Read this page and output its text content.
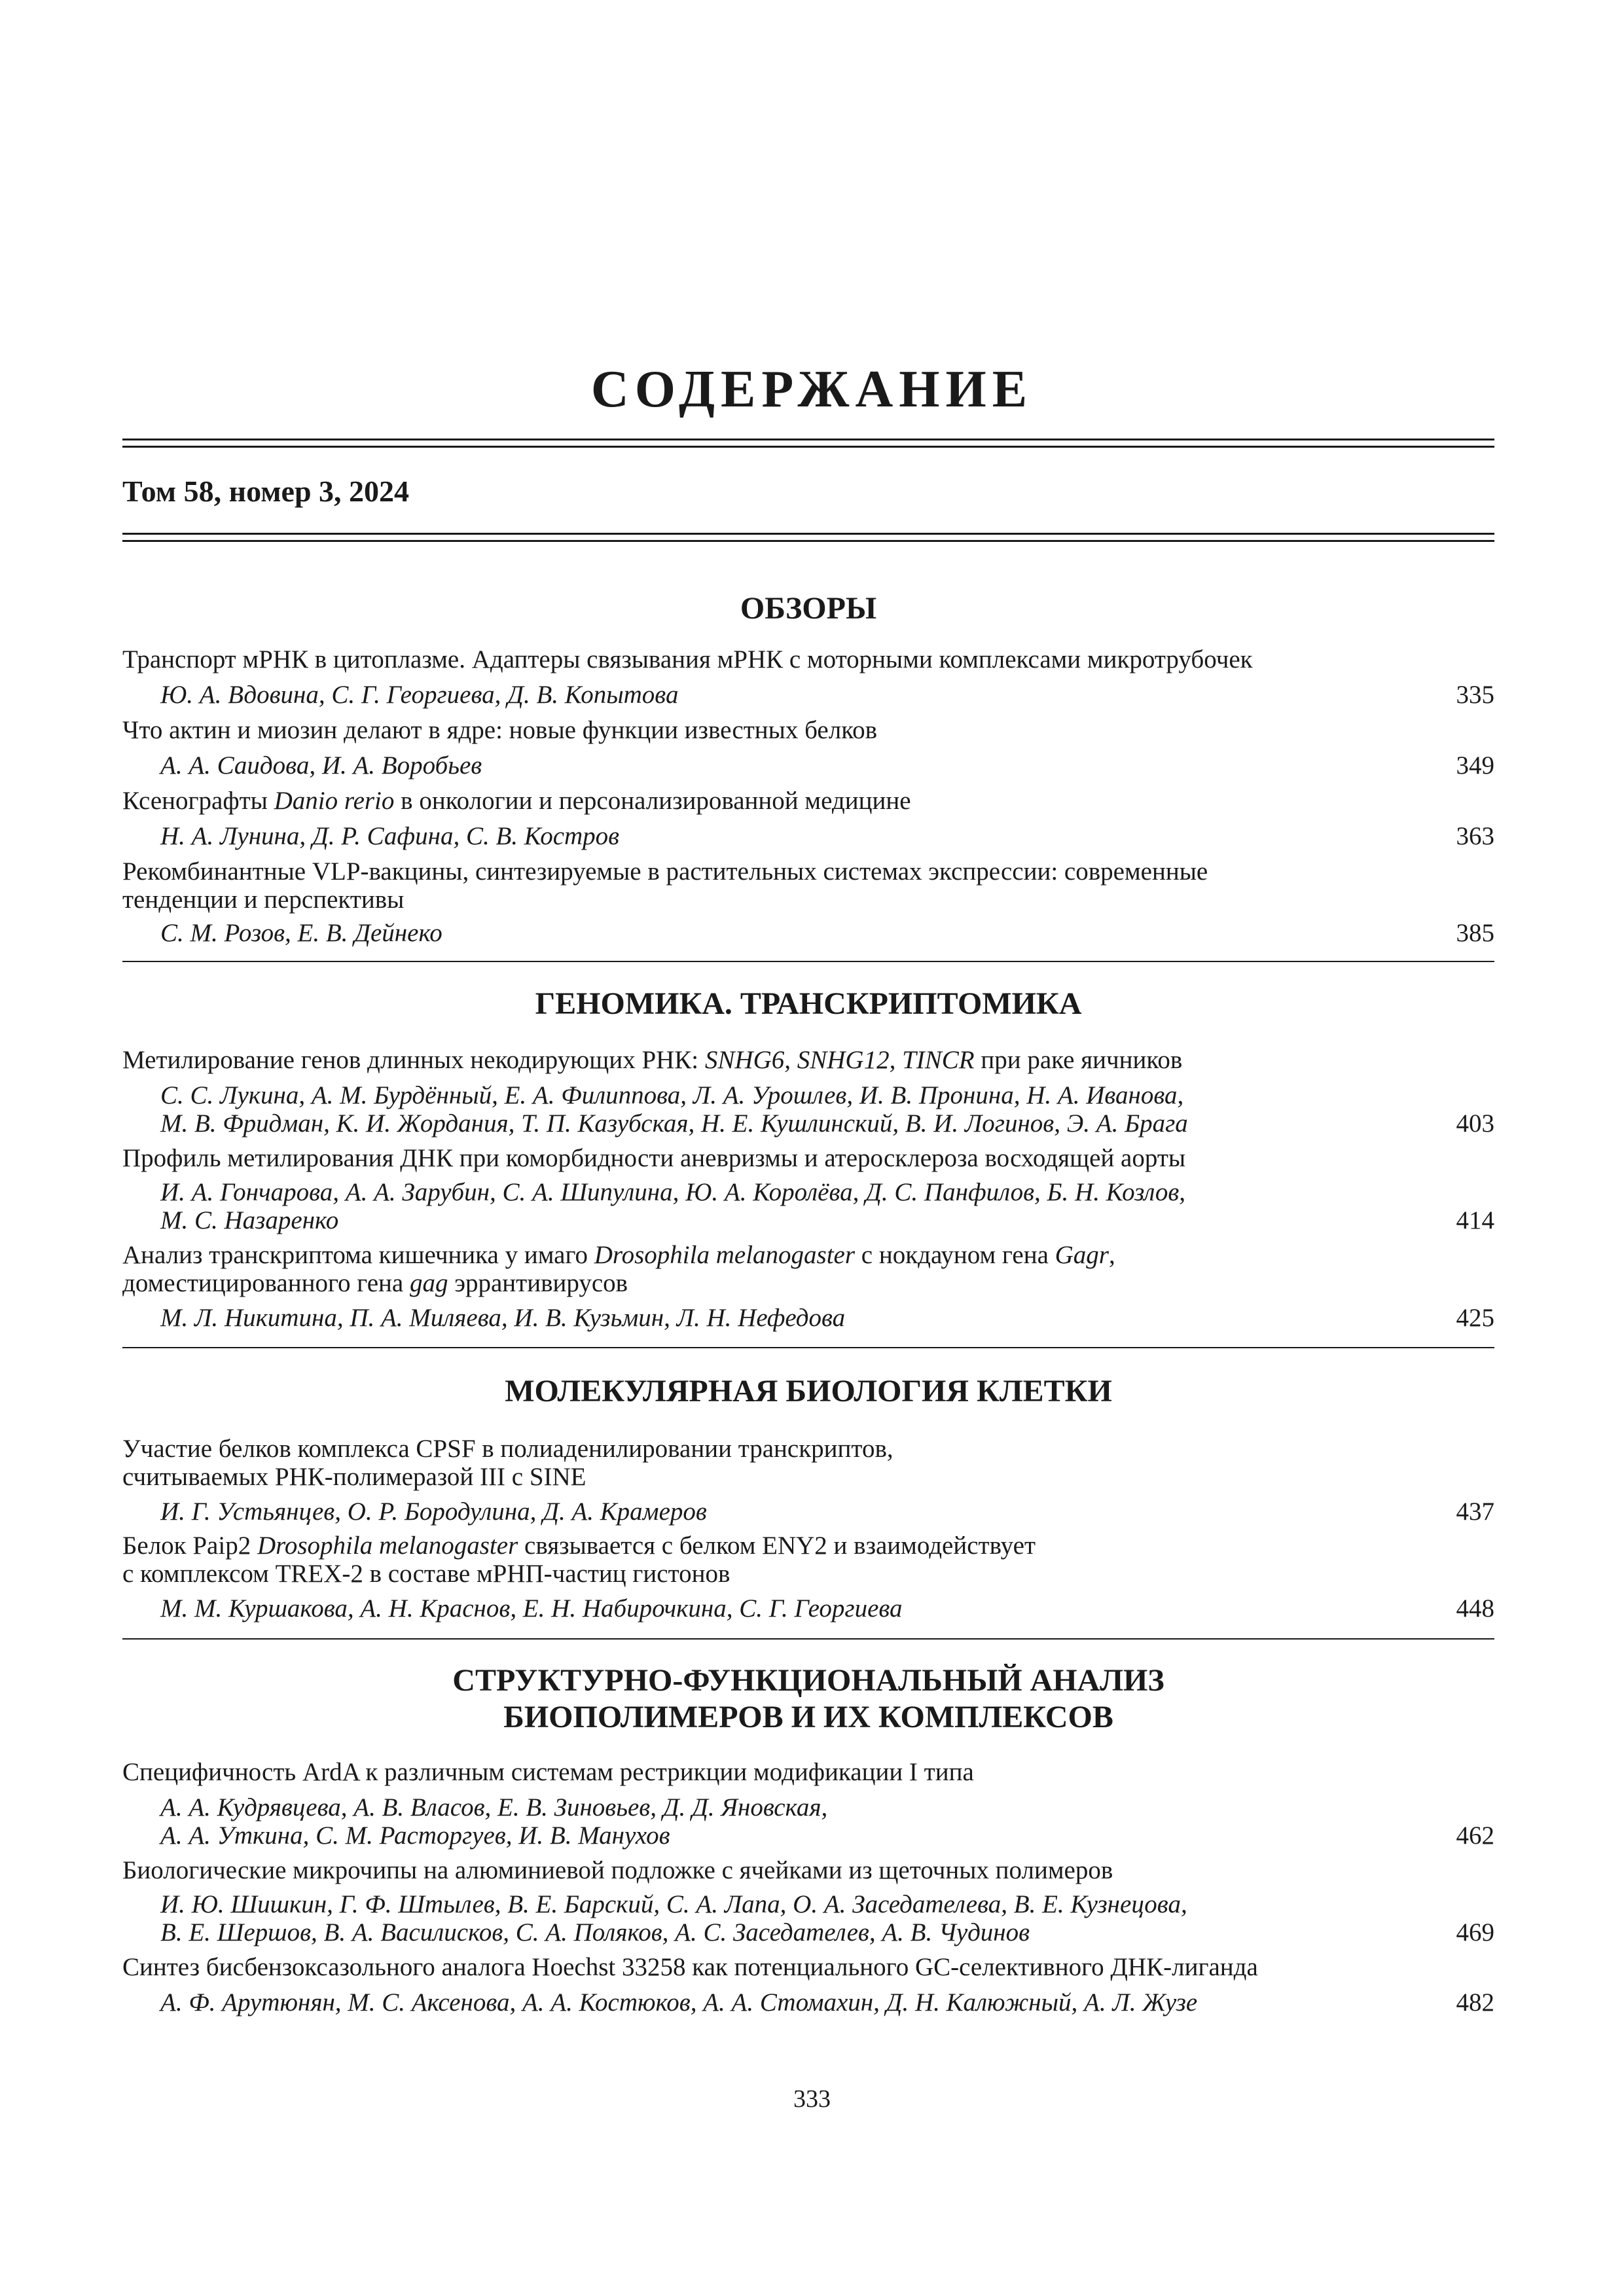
СОДЕРЖАНИЕ
Том 58, номер 3, 2024
ОБЗОРЫ
Транспорт мРНК в цитоплазме. Адаптеры связывания мРНК с моторными комплексами микротрубочек
Ю. А. Вдовина, С. Г. Георгиева, Д. В. Копытова	335
Что актин и миозин делают в ядре: новые функции известных белков
А. А. Саидова, И. А. Воробьев	349
Ксенографты Danio rerio в онкологии и персонализированной медицине
Н. А. Лунина, Д. Р. Сафина, С. В. Костров	363
Рекомбинантные VLP-вакцины, синтезируемые в растительных системах экспрессии: современные
тенденции и перспективы
С. М. Розов, Е. В. Дейнеко	385
ГЕНОМИКА. ТРАНСКРИПТОМИКА
Метилирование генов длинных некодирующих РНК: SNHG6, SNHG12, TINCR при раке яичников
С. С. Лукина, А. М. Бурдённый, Е. А. Филиппова, Л. А. Урошлев, И. В. Пронина, Н. А. Иванова,
М. В. Фридман, К. И. Жордания, Т. П. Казубская, Н. Е. Кушлинский, В. И. Логинов, Э. А. Брага	403
Профиль метилирования ДНК при коморбидности аневризмы и атеросклероза восходящей аорты
И. А. Гончарова, А. А. Зарубин, С. А. Шипулина, Ю. А. Королёва, Д. С. Панфилов, Б. Н. Козлов,
М. С. Назаренко	414
Анализ транскриптома кишечника у имаго Drosophila melanogaster с нокдауном гена Gagr,
доместицированного гена gag эррантивирусов
М. Л. Никитина, П. А. Миляева, И. В. Кузьмин, Л. Н. Нефедова	425
МОЛЕКУЛЯРНАЯ БИОЛОГИЯ КЛЕТКИ
Участие белков комплекса CPSF в полиаденилировании транскриптов,
считываемых РНК-полимеразой III с SINE
И. Г. Устьянцев, О. Р. Бородулина, Д. А. Крамеров	437
Белок Paip2 Drosophila melanogaster связывается с белком ENY2 и взаимодействует
с комплексом TREX-2 в составе мРНП-частиц гистонов
М. М. Куршакова, А. Н. Краснов, Е. Н. Набирочкина, С. Г. Георгиева	448
СТРУКТУРНО-ФУНКЦИОНАЛЬНЫЙ АНАЛИЗ
БИОПОЛИМЕРОВ И ИХ КОМПЛЕКСОВ
Специфичность ArdA к различным системам рестрикции модификации I типа
А. А. Кудрявцева, А. В. Власов, Е. В. Зиновьев, Д. Д. Яновская,
А. А. Уткина, С. М. Расторгуев, И. В. Манухов	462
Биологические микрочипы на алюминиевой подложке с ячейками из щеточных полимеров
И. Ю. Шишкин, Г. Ф. Штылев, В. Е. Барский, С. А. Лапа, О. А. Заседателева, В. Е. Кузнецова,
В. Е. Шершов, В. А. Василисков, С. А. Поляков, А. С. Заседателев, А. В. Чудинов	469
Синтез бисбензоксазольного аналога Hoechst 33258 как потенциального GC-селективного ДНК-лиганда
А. Ф. Арутюнян, М. С. Аксенова, А. А. Костюков, А. А. Стомахин, Д. Н. Калюжный, А. Л. Жузе	482
333
